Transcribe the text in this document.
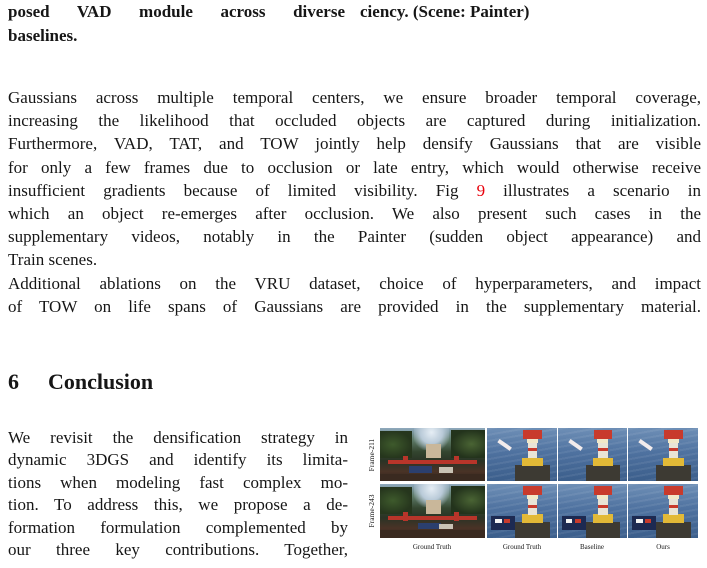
posed VAD module across diverse
baselines.
ciency. (Scene: Painter)
Gaussians across multiple temporal centers, we ensure broader temporal coverage,
increasing the likelihood that occluded objects are captured during initialization.
Furthermore, VAD, TAT, and TOW jointly help densify Gaussians that are visible
for only a few frames due to occlusion or late entry, which would otherwise receive
insufficient gradients because of limited visibility. Fig 9 illustrates a scenario in
which an object re-emerges after occlusion. We also present such cases in the
supplementary videos, notably in the Painter (sudden object appearance) and
Train scenes.
Additional ablations on the VRU dataset, choice of hyperparameters, and impact
of TOW on life spans of Gaussians are provided in the supplementary material.
6 Conclusion
We revisit the densification strategy in
dynamic 3DGS and identify its limita-
tions when modeling fast complex mo-
tion. To address this, we propose a de-
formation formulation complemented by
our three key contributions. Together,
Frame-211
Frame-243
Ground Truth	Ground Truth	Baseline	Ours
